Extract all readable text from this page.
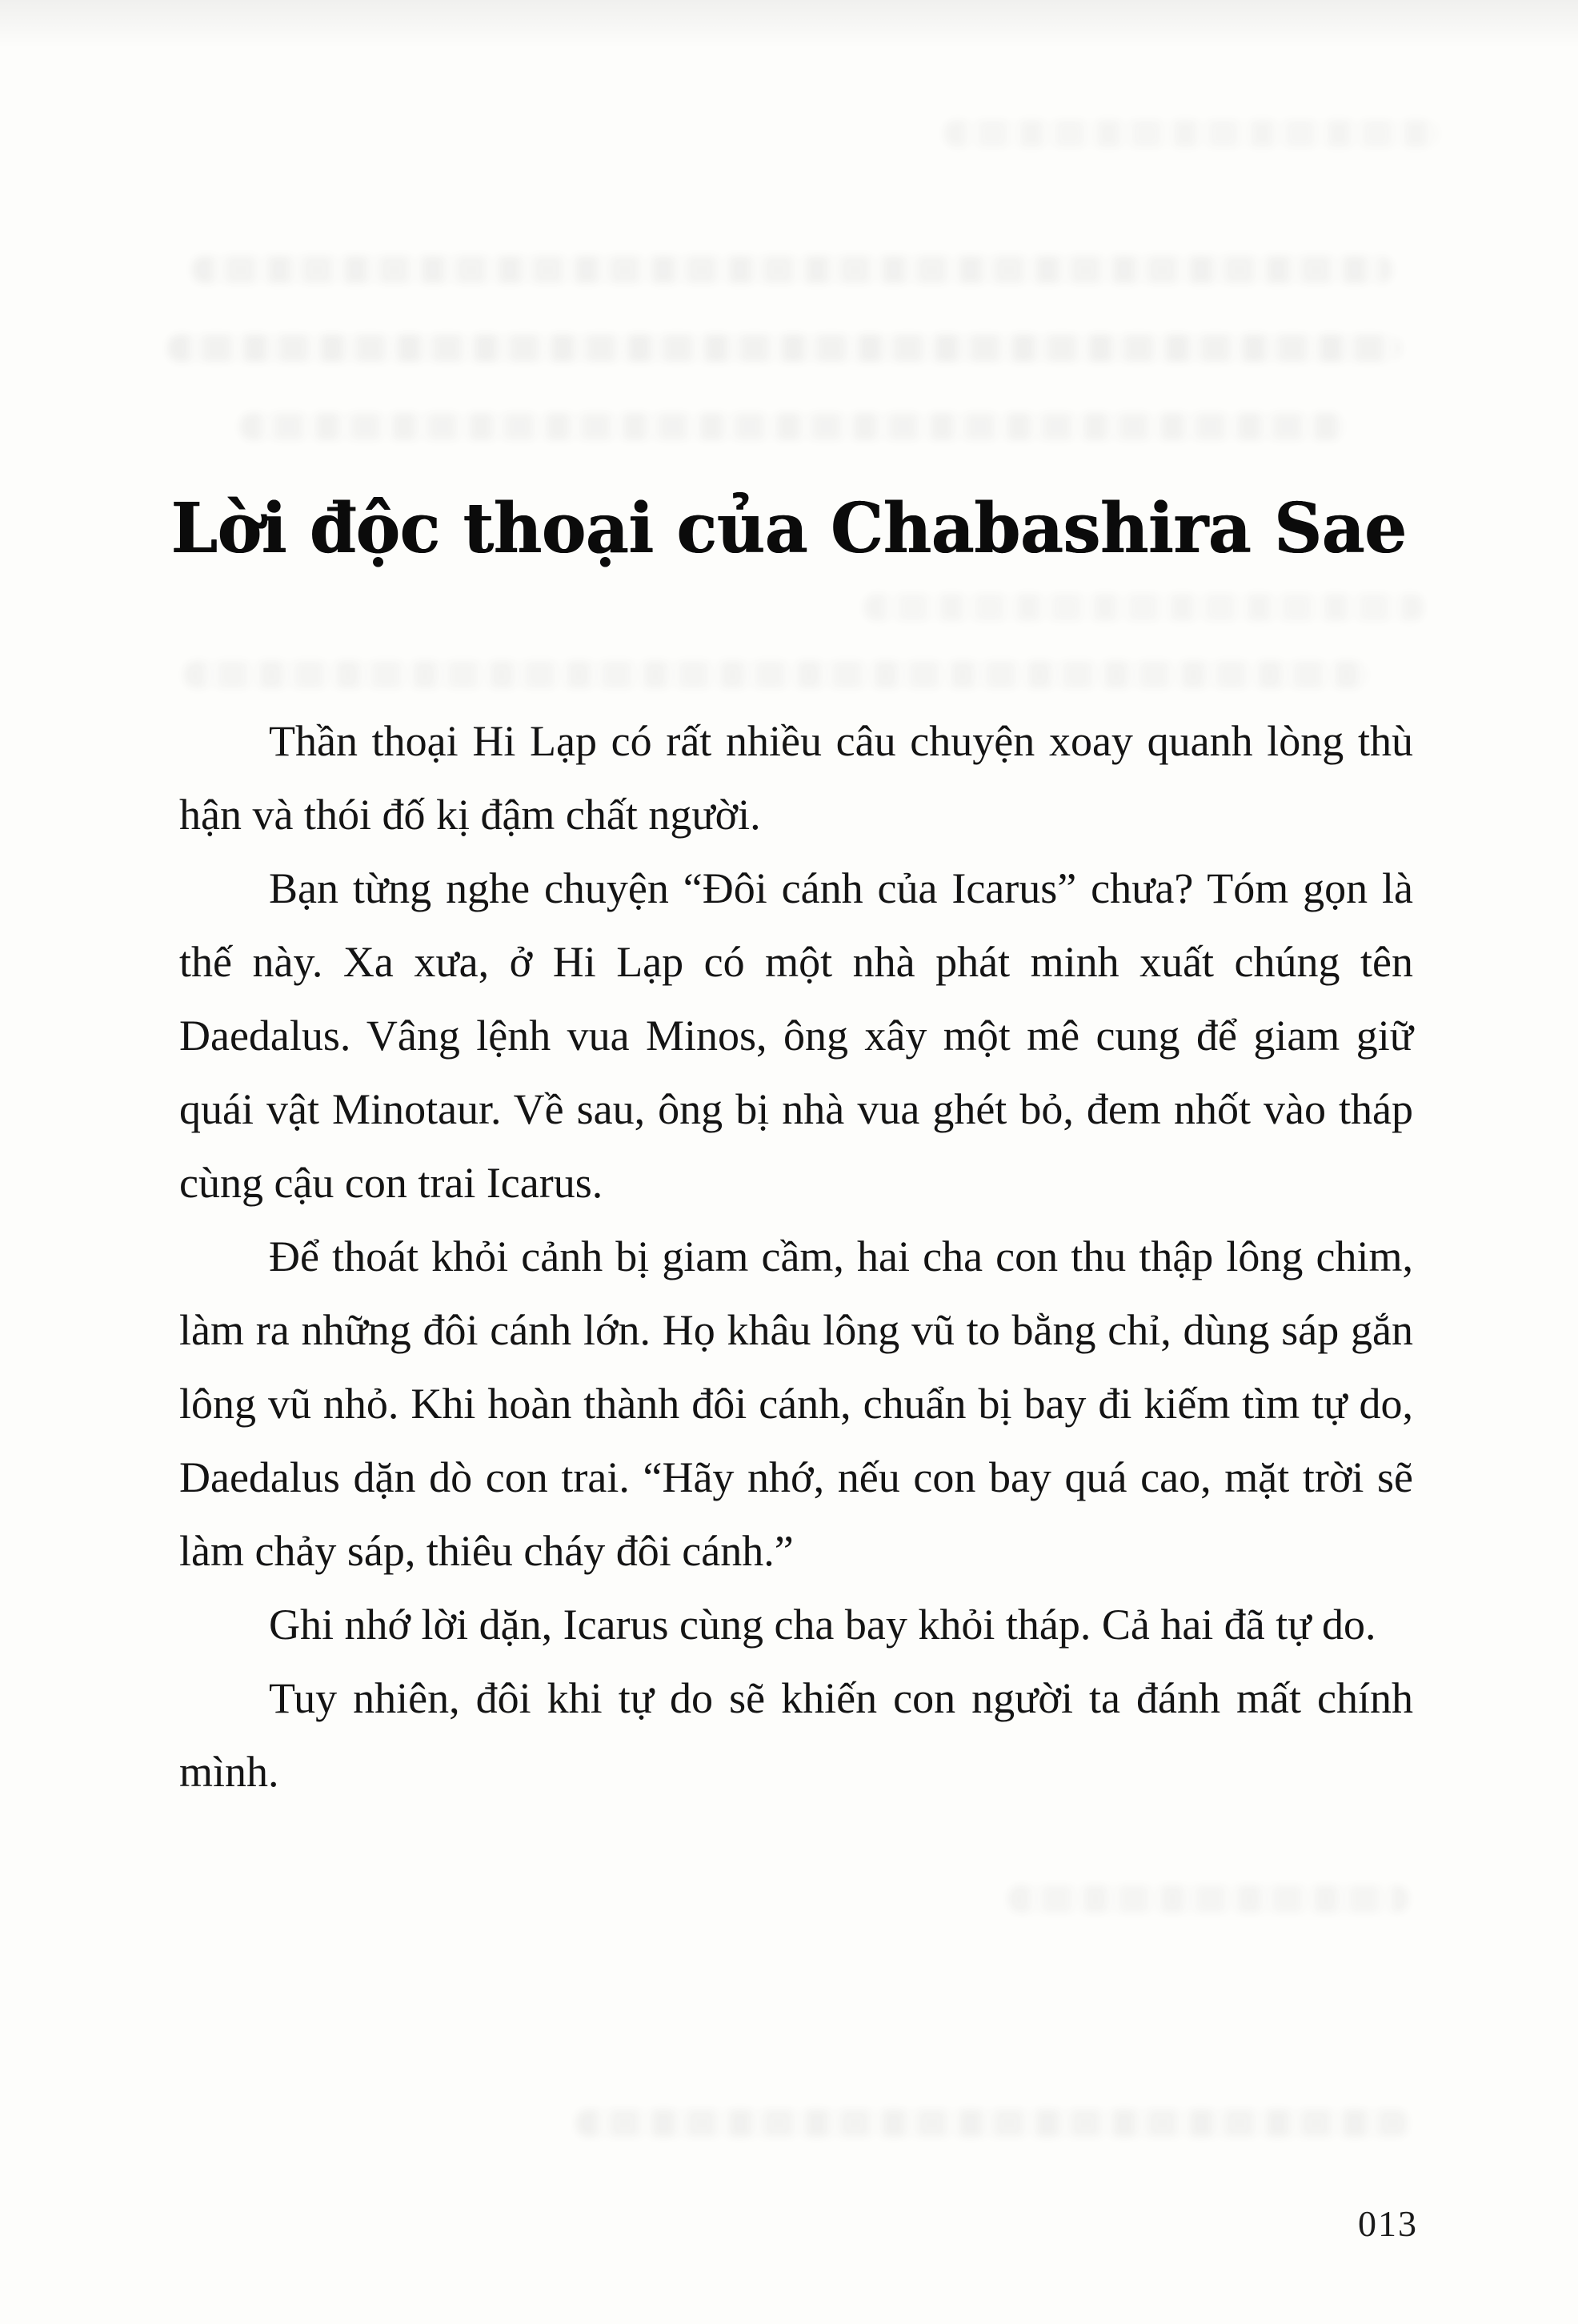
Lời độc thoại của Chabashira Sae

Thần thoại Hi Lạp có rất nhiều câu chuyện xoay quanh lòng thù hận và thói đố kị đậm chất người.

Bạn từng nghe chuyện “Đôi cánh của Icarus” chưa? Tóm gọn là thế này. Xa xưa, ở Hi Lạp có một nhà phát minh xuất chúng tên Daedalus. Vâng lệnh vua Minos, ông xây một mê cung để giam giữ quái vật Minotaur. Về sau, ông bị nhà vua ghét bỏ, đem nhốt vào tháp cùng cậu con trai Icarus.

Để thoát khỏi cảnh bị giam cầm, hai cha con thu thập lông chim, làm ra những đôi cánh lớn. Họ khâu lông vũ to bằng chỉ, dùng sáp gắn lông vũ nhỏ. Khi hoàn thành đôi cánh, chuẩn bị bay đi kiếm tìm tự do, Daedalus dặn dò con trai. “Hãy nhớ, nếu con bay quá cao, mặt trời sẽ làm chảy sáp, thiêu cháy đôi cánh.”

Ghi nhớ lời dặn, Icarus cùng cha bay khỏi tháp. Cả hai đã tự do.

Tuy nhiên, đôi khi tự do sẽ khiến con người ta đánh mất chính mình.

013
